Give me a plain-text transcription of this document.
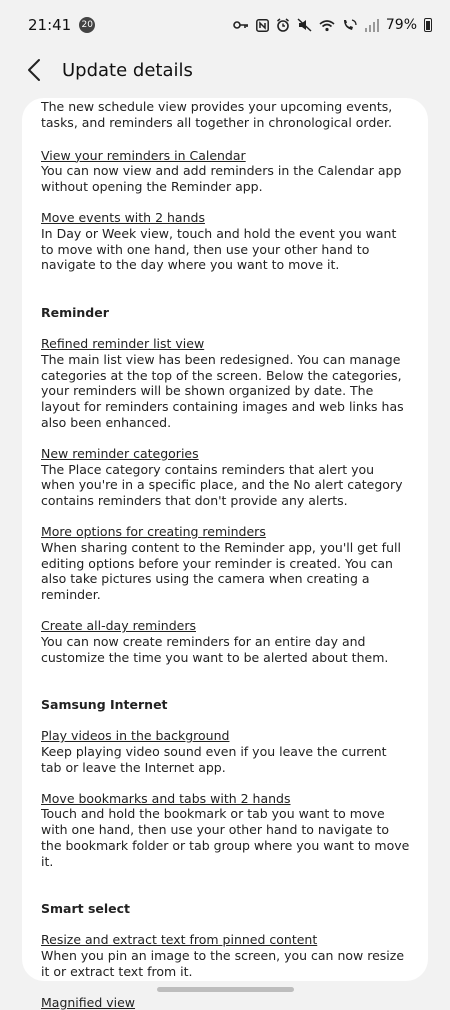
21:41 20	79%
Update details

The new schedule view provides your upcoming events, tasks, and reminders all together in chronological order.

View your reminders in Calendar

You can now view and add reminders in the Calendar app without opening the Reminder app.

Move events with 2 hands

In Day or Week view, touch and hold the event you want to move with one hand, then use your other hand to navigate to the day where you want to move it.

Reminder

Refined reminder list view

The main list view has been redesigned. You can manage categories at the top of the screen. Below the categories, your reminders will be shown organized by date. The layout for reminders containing images and web links has also been enhanced.

New reminder categories

The Place category contains reminders that alert you when you're in a specific place, and the No alert category contains reminders that don't provide any alerts.

More options for creating reminders

When sharing content to the Reminder app, you'll get full editing options before your reminder is created. You can also take pictures using the camera when creating a reminder.

Create all-day reminders

You can now create reminders for an entire day and customize the time you want to be alerted about them.

Samsung Internet

Play videos in the background

Keep playing video sound even if you leave the current tab or leave the Internet app.

Move bookmarks and tabs with 2 hands

Touch and hold the bookmark or tab you want to move with one hand, then use your other hand to navigate to the bookmark folder or tab group where you want to move it.

Smart select

Resize and extract text from pinned content

When you pin an image to the screen, you can now resize it or extract text from it.

Magnified view
